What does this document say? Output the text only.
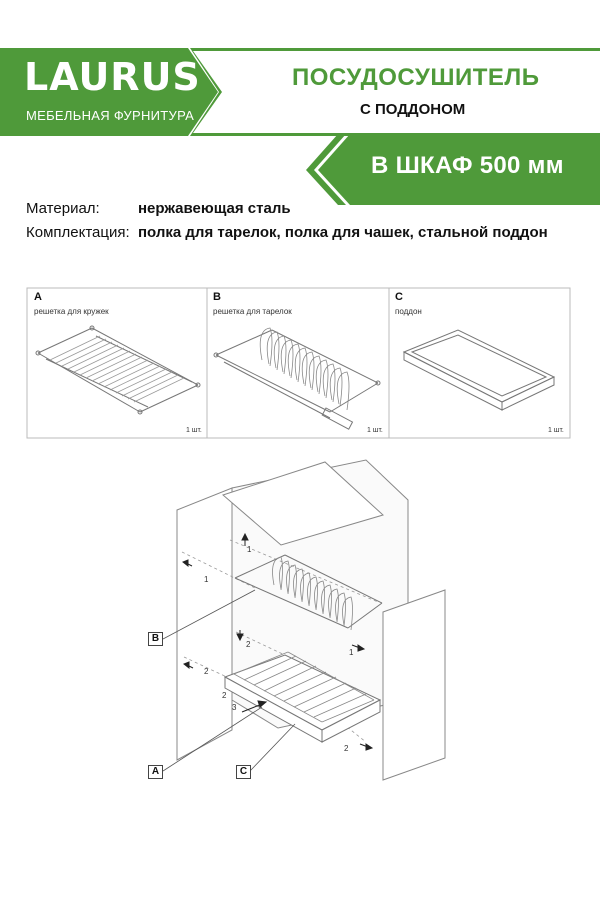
LAURUS
МЕБЕЛЬНАЯ ФУРНИТУРА
ПОСУДОСУШИТЕЛЬ
С ПОДДОНОМ
В ШКАФ 500 мм
Материал:	нержавеющая сталь
Комплектация: полка для тарелок, полка для чашек, стальной поддон
A
решетка для кружек
1 шт.
B
решетка для тарелок
1 шт.
C
поддон
1 шт.
B
A	C
1
1
1
2
2
2
3
2
